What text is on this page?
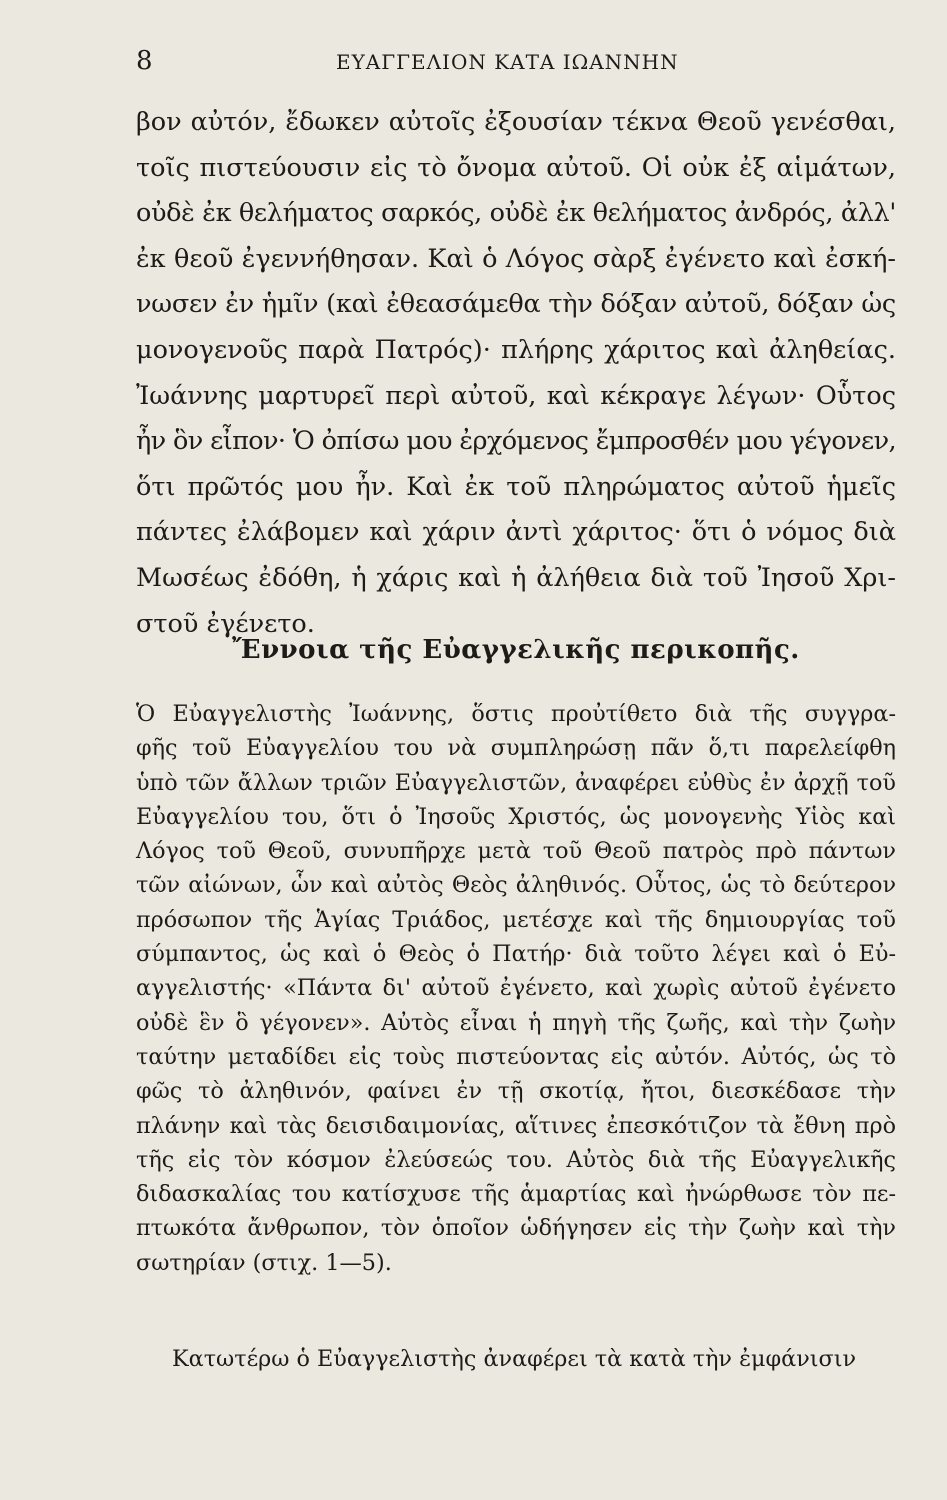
8	ΕΥΑΓΓΕΛΙΟΝ ΚΑΤΑ ΙΩΑΝΝΗΝ

βον αὐτόν, ἔδωκεν αὐτοῖς ἐξουσίαν τέκνα Θεοῦ γενέσθαι,
τοῖς πιστεύουσιν εἰς τὸ ὄνομα αὐτοῦ. Οἱ οὐκ ἐξ αἱμάτων,
οὐδὲ ἐκ θελήματος σαρκός, οὐδὲ ἐκ θελήματος ἀνδρός, ἀλλ'
ἐκ θεοῦ ἐγεννήθησαν. Καὶ ὁ Λόγος σὰρξ ἐγένετο καὶ ἐσκή-
νωσεν ἐν ἡμῖν (καὶ ἐθεασάμεθα τὴν δόξαν αὐτοῦ, δόξαν ὡς
μονογενοῦς παρὰ Πατρός)· πλήρης χάριτος καὶ ἀληθείας.
Ἰωάννης μαρτυρεῖ περὶ αὐτοῦ, καὶ κέκραγε λέγων· Οὗτος
ἦν ὃν εἶπον· Ὁ ὀπίσω μου ἐρχόμενος ἔμπροσθέν μου γέγονεν,
ὅτι πρῶτός μου ἦν. Καὶ ἐκ τοῦ πληρώματος αὐτοῦ ἡμεῖς
πάντες ἐλάβομεν καὶ χάριν ἀντὶ χάριτος· ὅτι ὁ νόμος διὰ
Μωσέως ἐδόθη, ἡ χάρις καὶ ἡ ἀλήθεια διὰ τοῦ Ἰησοῦ Χρι-
στοῦ ἐγένετο.

Ἔννοια τῆς Εὐαγγελικῆς περικοπῆς.

Ὁ Εὐαγγελιστὴς Ἰωάννης, ὅστις προὐτίθετο διὰ τῆς συγγρα-
φῆς τοῦ Εὐαγγελίου του νὰ συμπληρώσῃ πᾶν ὅ,τι παρελείφθη
ὑπὸ τῶν ἄλλων τριῶν Εὐαγγελιστῶν, ἀναφέρει εὐθὺς ἐν ἀρχῇ τοῦ
Εὐαγγελίου του, ὅτι ὁ Ἰησοῦς Χριστός, ὡς μονογενὴς Υἱὸς καὶ
Λόγος τοῦ Θεοῦ, συνυπῆρχε μετὰ τοῦ Θεοῦ πατρὸς πρὸ πάντων
τῶν αἰώνων, ὧν καὶ αὐτὸς Θεὸς ἀληθινός. Οὗτος, ὡς τὸ δεύτερον
πρόσωπον τῆς Ἁγίας Τριάδος, μετέσχε καὶ τῆς δημιουργίας τοῦ
σύμπαντος, ὡς καὶ ὁ Θεὸς ὁ Πατήρ· διὰ τοῦτο λέγει καὶ ὁ Εὐ-
αγγελιστής· «Πάντα δι' αὐτοῦ ἐγένετο, καὶ χωρὶς αὐτοῦ ἐγένετο
οὐδὲ ἓν ὃ γέγονεν». Αὐτὸς εἶναι ἡ πηγὴ τῆς ζωῆς, καὶ τὴν ζωὴν
ταύτην μεταδίδει εἰς τοὺς πιστεύοντας εἰς αὐτόν. Αὐτός, ὡς τὸ
φῶς τὸ ἀληθινόν, φαίνει ἐν τῇ σκοτίᾳ, ἤτοι, διεσκέδασε τὴν
πλάνην καὶ τὰς δεισιδαιμονίας, αἵτινες ἐπεσκότιζον τὰ ἔθνη πρὸ
τῆς εἰς τὸν κόσμον ἐλεύσεώς του. Αὐτὸς διὰ τῆς Εὐαγγελικῆς
διδασκαλίας του κατίσχυσε τῆς ἁμαρτίας καὶ ἠνώρθωσε τὸν πε-
πτωκότα ἄνθρωπον, τὸν ὁποῖον ὡδήγησεν εἰς τὴν ζωὴν καὶ τὴν
σωτηρίαν (στιχ. 1—5).

Κατωτέρω ὁ Εὐαγγελιστὴς ἀναφέρει τὰ κατὰ τὴν ἐμφάνισιν
